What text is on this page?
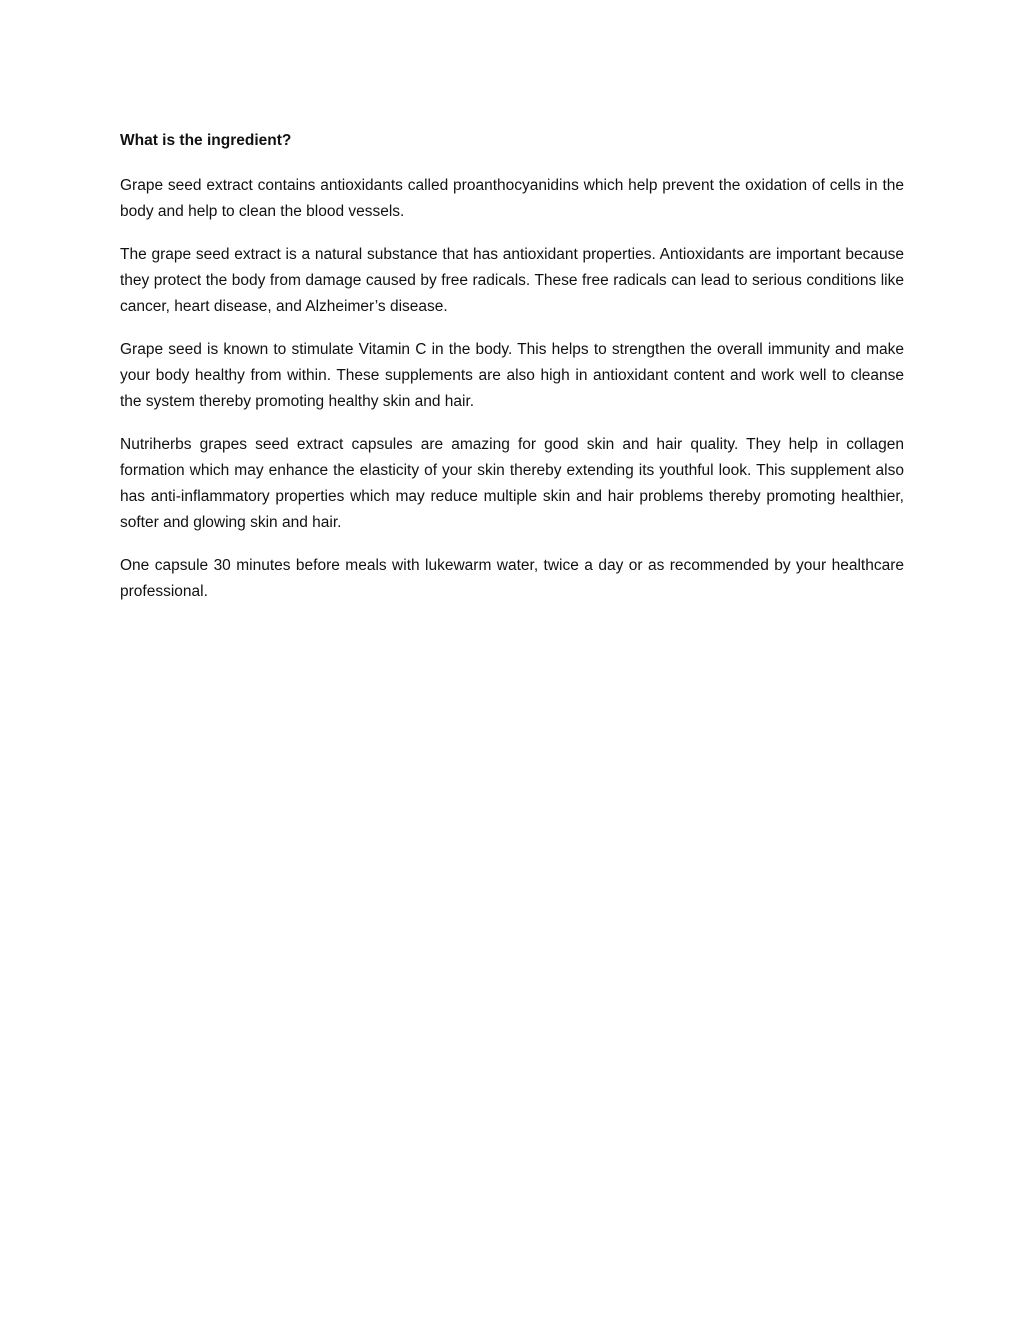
What is the ingredient?

Grape seed extract contains antioxidants called proanthocyanidins which help prevent the oxidation of cells in the body and help to clean the blood vessels.

The grape seed extract is a natural substance that has antioxidant properties. Antioxidants are important because they protect the body from damage caused by free radicals. These free radicals can lead to serious conditions like cancer, heart disease, and Alzheimer’s disease.

Grape seed is known to stimulate Vitamin C in the body. This helps to strengthen the overall immunity and make your body healthy from within. These supplements are also high in antioxidant content and work well to cleanse the system thereby promoting healthy skin and hair.

Nutriherbs grapes seed extract capsules are amazing for good skin and hair quality. They help in collagen formation which may enhance the elasticity of your skin thereby extending its youthful look. This supplement also has anti-inflammatory properties which may reduce multiple skin and hair problems thereby promoting healthier, softer and glowing skin and hair.

One capsule 30 minutes before meals with lukewarm water, twice a day or as recommended by your healthcare professional.
